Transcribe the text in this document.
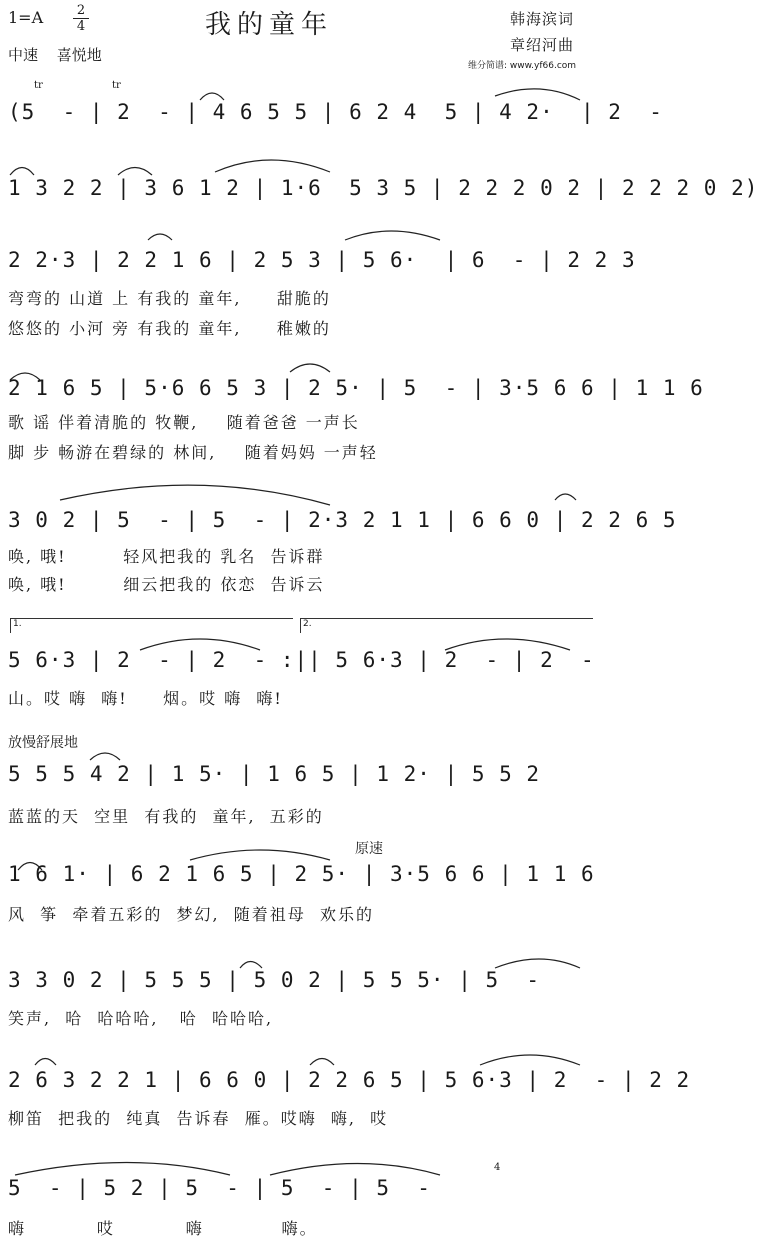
1=A	2
4	我的童年
中速 喜悦地
韩海滨词
章绍河曲
维分简谱: www.yf66.com
tr	tr
(5  - | 2  - | 4 6 5 5 | 6 2 4  5 | 4 2·  | 2  -
1 3 2 2 | 3 6 1 2 | 1·6  5 3 5 | 2 2 2 0 2 | 2 2 2 0 2)
2 2·3 | 2 2 1 6 | 2 5 3 | 5 6·  | 6  - | 2 2 3
弯弯的 山道 上 有我的 童年,     甜脆的
悠悠的 小河 旁 有我的 童年,     稚嫩的
2 1 6 5 | 5·6 6 5 3 | 2 5· | 5  - | 3·5 6 6 | 1 1 6
歌 谣 伴着清脆的 牧鞭,    随着爸爸 一声长
脚 步 畅游在碧绿的 林间,    随着妈妈 一声轻
3 0 2 | 5  - | 5  - | 2·3 2 1 1 | 6 6 0 | 2 2 6 5
唤, 哦!        轻风把我的 乳名  告诉群
唤, 哦!        细云把我的 依恋  告诉云
1.	2.
5 6·3 | 2  - | 2  - :|| 5 6·3 | 2  - | 2  -
山。哎 嗨  嗨!     烟。哎 嗨  嗨!
放慢舒展地
5 5 5 4 2 | 1 5· | 1 6 5 | 1 2· | 5 5 2
蓝蓝的天  空里  有我的  童年,  五彩的
原速
1 6 1· | 6 2 1 6 5 | 2 5· | 3·5 6 6 | 1 1 6
风  筝  牵着五彩的  梦幻,  随着祖母  欢乐的
3 3 0 2 | 5 5 5 | 5 0 2 | 5 5 5· | 5  -
笑声,  哈  哈哈哈,   哈  哈哈哈,
2 6 3 2 2 1 | 6 6 0 | 2 2 6 5 | 5 6·3 | 2  - | 2 2
柳笛  把我的  纯真  告诉春  雁。哎嗨  嗨,  哎
4
5  - | 5 2 | 5  - | 5  - | 5  -
嗨          哎          嗨           嗨。
